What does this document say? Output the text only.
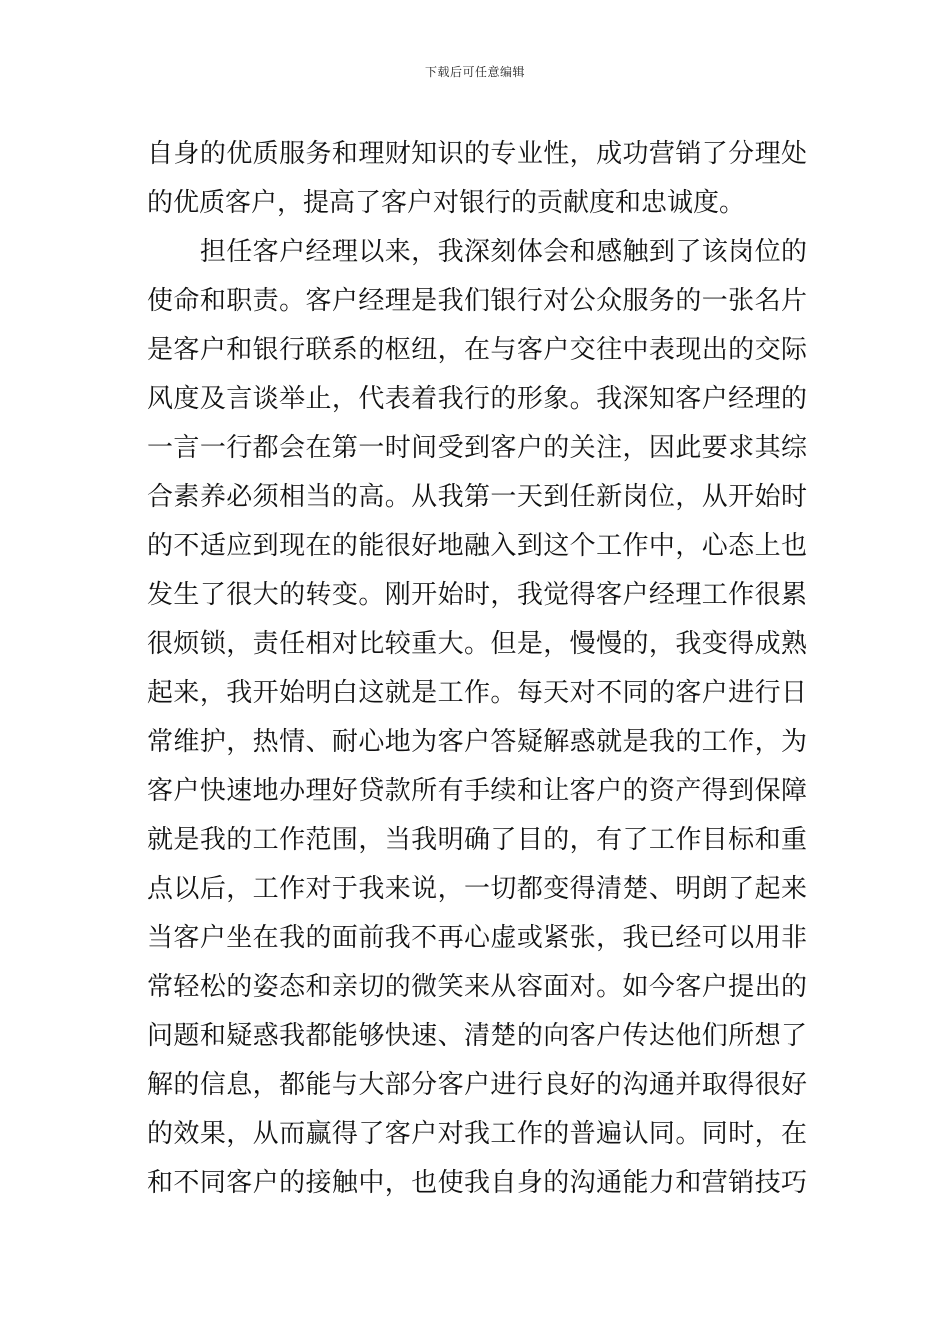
下载后可任意编辑
自身的优质服务和理财知识的专业性，成功营销了分理处
的优质客户，提高了客户对银行的贡献度和忠诚度。
　　担任客户经理以来，我深刻体会和感触到了该岗位的
使命和职责。客户经理是我们银行对公众服务的一张名片
是客户和银行联系的枢纽，在与客户交往中表现出的交际
风度及言谈举止，代表着我行的形象。我深知客户经理的
一言一行都会在第一时间受到客户的关注，因此要求其综
合素养必须相当的高。从我第一天到任新岗位，从开始时
的不适应到现在的能很好地融入到这个工作中，心态上也
发生了很大的转变。刚开始时，我觉得客户经理工作很累
很烦锁，责任相对比较重大。但是，慢慢的，我变得成熟
起来，我开始明白这就是工作。每天对不同的客户进行日
常维护，热情、耐心地为客户答疑解惑就是我的工作，为
客户快速地办理好贷款所有手续和让客户的资产得到保障
就是我的工作范围，当我明确了目的，有了工作目标和重
点以后，工作对于我来说，一切都变得清楚、明朗了起来
当客户坐在我的面前我不再心虚或紧张，我已经可以用非
常轻松的姿态和亲切的微笑来从容面对。如今客户提出的
问题和疑惑我都能够快速、清楚的向客户传达他们所想了
解的信息，都能与大部分客户进行良好的沟通并取得很好
的效果，从而赢得了客户对我工作的普遍认同。同时，在
和不同客户的接触中，也使我自身的沟通能力和营销技巧
